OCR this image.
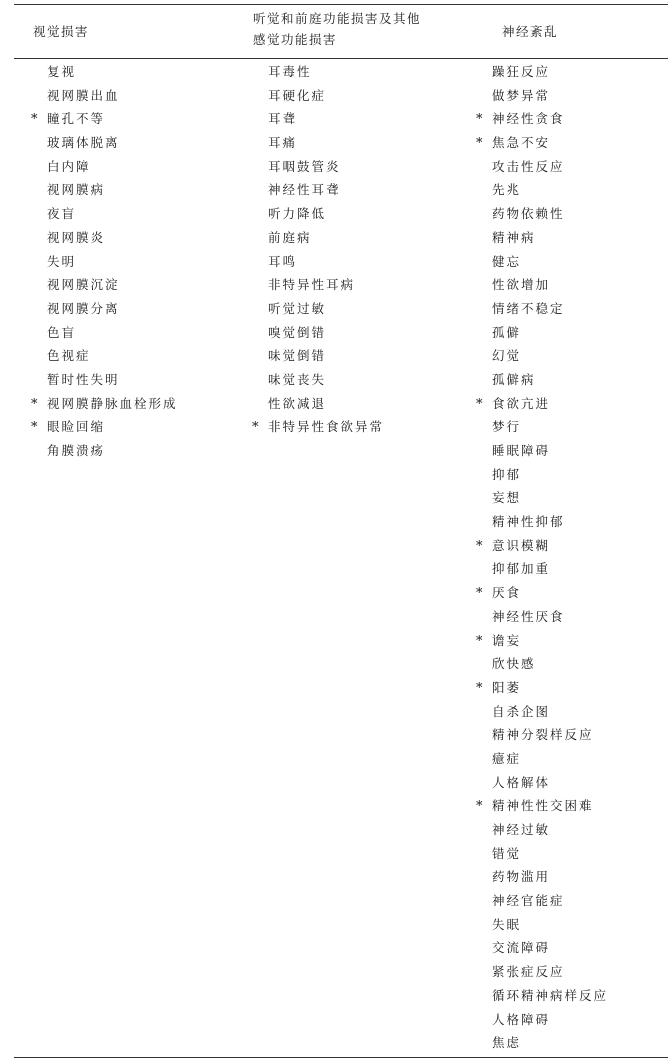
视觉损害
听觉和前庭功能损害及其他
感觉功能损害
神经紊乱
复视
视网膜出血
* 瞳孔不等
玻璃体脱离
白内障
视网膜病
夜盲
视网膜炎
失明
视网膜沉淀
视网膜分离
色盲
色视症
暂时性失明
* 视网膜静脉血栓形成
* 眼睑回缩
角膜溃疡
耳毒性
耳硬化症
耳聋
耳痛
耳咽鼓管炎
神经性耳聋
听力降低
前庭病
耳鸣
非特异性耳病
听觉过敏
嗅觉倒错
味觉倒错
味觉丧失
性欲减退
* 非特异性食欲异常
躁狂反应
做梦异常
* 神经性贪食
* 焦急不安
攻击性反应
先兆
药物依赖性
精神病
健忘
性欲增加
情绪不稳定
孤僻
幻觉
孤僻病
* 食欲亢进
梦行
睡眠障碍
抑郁
妄想
精神性抑郁
* 意识模糊
抑郁加重
* 厌食
神经性厌食
* 谵妄
欣快感
* 阳萎
自杀企图
精神分裂样反应
癔症
人格解体
* 精神性性交困难
神经过敏
错觉
药物滥用
神经官能症
失眠
交流障碍
紧张症反应
循环精神病样反应
人格障碍
焦虑
